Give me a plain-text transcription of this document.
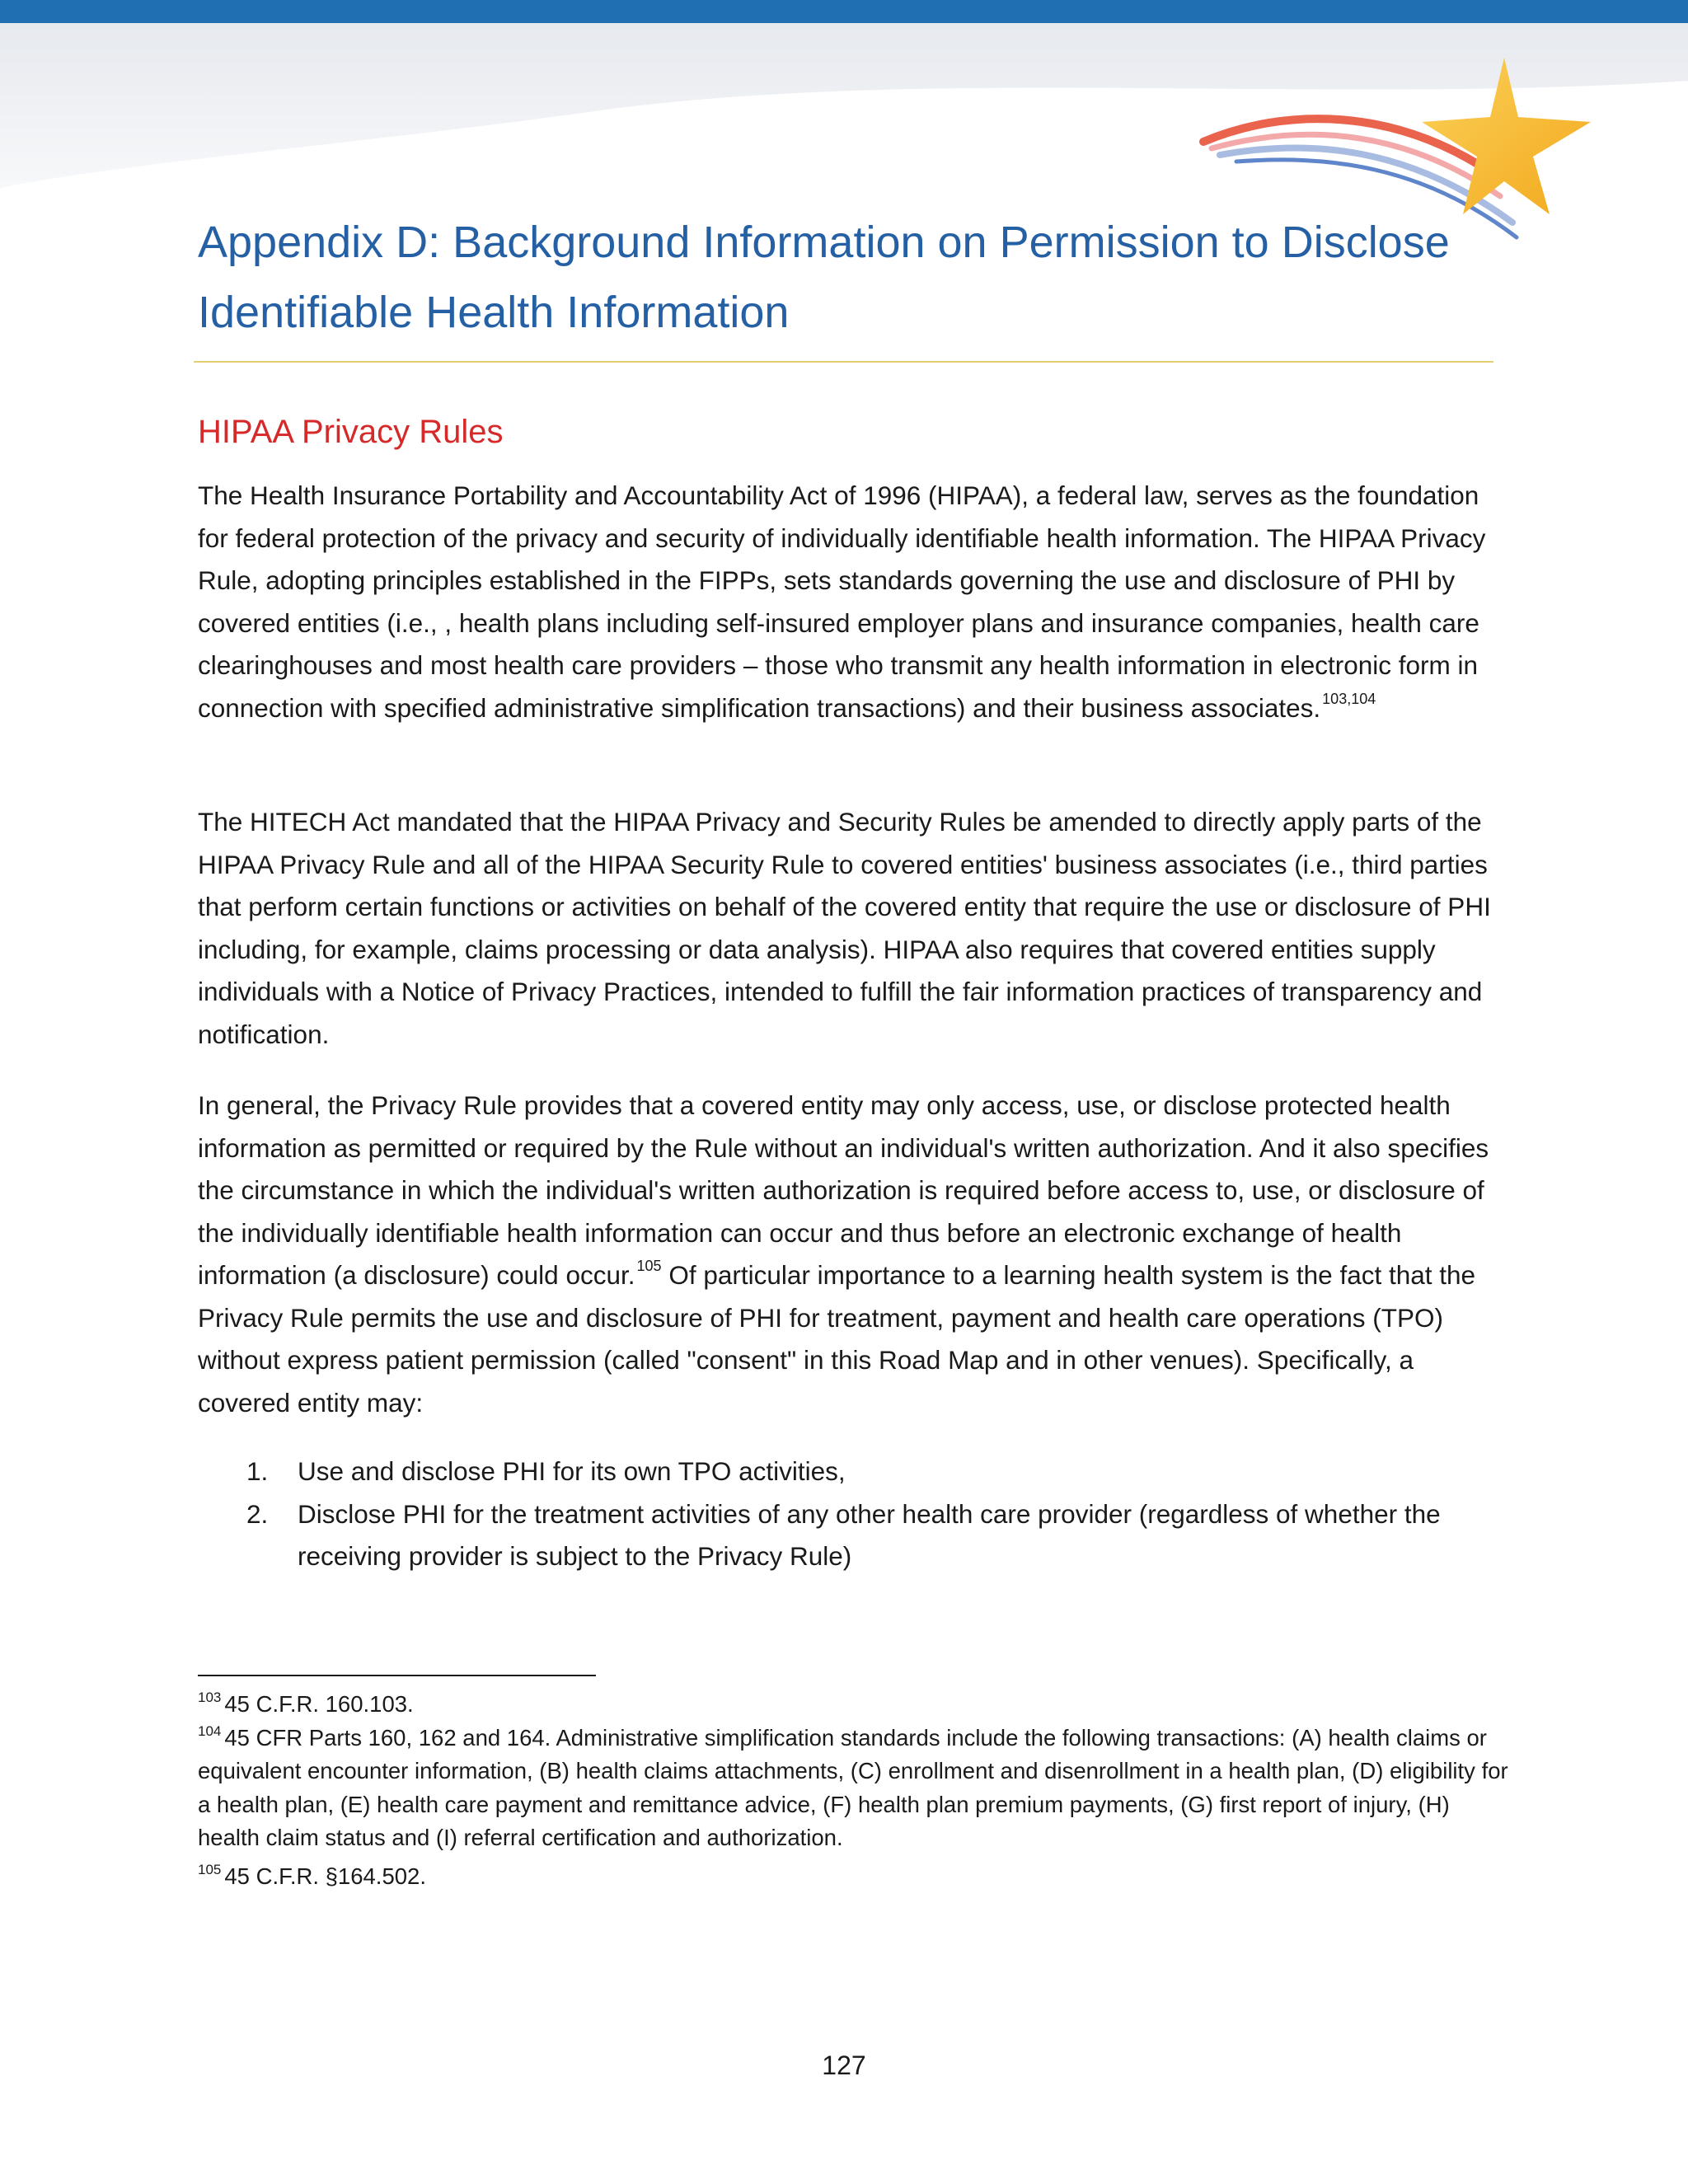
Appendix D: Background Information on Permission to Disclose
Identifiable Health Information
HIPAA Privacy Rules

The Health Insurance Portability and Accountability Act of 1996 (HIPAA), a federal law, serves as the foundation for federal protection of the privacy and security of individually identifiable health information. The HIPAA Privacy Rule, adopting principles established in the FIPPs, sets standards governing the use and disclosure of PHI by covered entities (i.e., , health plans including self-insured employer plans and insurance companies, health care clearinghouses and most health care providers – those who transmit any health information in electronic form in connection with specified administrative simplification transactions) and their business associates. $^{103,104}$

The HITECH Act mandated that the HIPAA Privacy and Security Rules be amended to directly apply parts of the HIPAA Privacy Rule and all of the HIPAA Security Rule to covered entities' business associates (i.e., third parties that perform certain functions or activities on behalf of the covered entity that require the use or disclosure of PHI including, for example, claims processing or data analysis). HIPAA also requires that covered entities supply individuals with a Notice of Privacy Practices, intended to fulfill the fair information practices of transparency and notification.

In general, the Privacy Rule provides that a covered entity may only access, use, or disclose protected health information as permitted or required by the Rule without an individual's written authorization. And it also specifies the circumstance in which the individual's written authorization is required before access to, use, or disclosure of the individually identifiable health information can occur and thus before an electronic exchange of health information (a disclosure) could occur. $^{105}$ Of particular importance to a learning health system is the fact that the Privacy Rule permits the use and disclosure of PHI for treatment, payment and health care operations (TPO) without express patient permission (called "consent" in this Road Map and in other venues). Specifically, a covered entity may:

1. Use and disclose PHI for its own TPO activities,
2. Disclose PHI for the treatment activities of any other health care provider (regardless of whether the receiving provider is subject to the Privacy Rule)

$^{103}$ 45 C.F.R. 160.103.

$^{104}$ 45 CFR Parts 160, 162 and 164. Administrative simplification standards include the following transactions: (A) health claims or equivalent encounter information, (B) health claims attachments, (C) enrollment and disenrollment in a health plan, (D) eligibility for a health plan, (E) health care payment and remittance advice, (F) health plan premium payments, (G) first report of injury, (H) health claim status and (I) referral certification and authorization.

$^{105}$ 45 C.F.R. §164.502.

127
